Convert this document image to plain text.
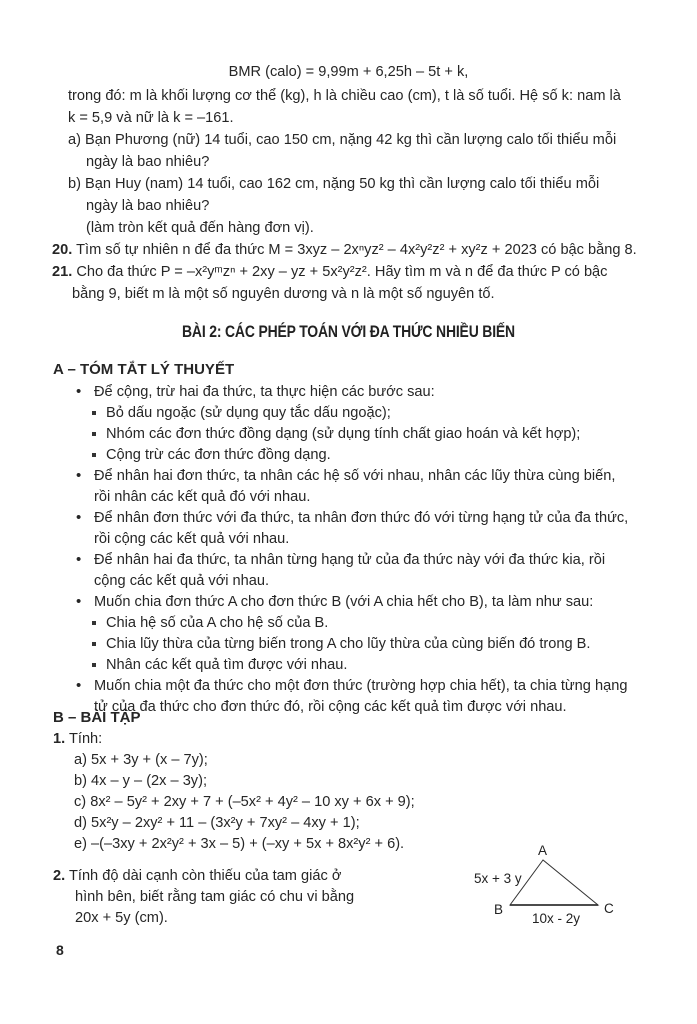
BMR (calo) = 9,99m + 6,25h – 5t + k,
trong đó: m là khối lượng cơ thể (kg), h là chiều cao (cm), t là số tuổi. Hệ số k: nam là
k = 5,9 và nữ là k = –161.
a) Bạn Phương (nữ) 14 tuổi, cao 150 cm, nặng 42 kg thì cần lượng calo tối thiểu mỗi
ngày là bao nhiêu?
b) Bạn Huy (nam) 14 tuổi, cao 162 cm, nặng 50 kg thì cần lượng calo tối thiểu mỗi
ngày là bao nhiêu?
(làm tròn kết quả đến hàng đơn vị).
20. Tìm số tự nhiên n để đa thức M = 3xyz – 2xⁿyz² – 4x²y²z² + xy²z + 2023 có bậc bằng 8.
21. Cho đa thức P = –x²yᵐzⁿ + 2xy – yz + 5x²y²z². Hãy tìm m và n để đa thức P có bậc
bằng 9, biết m là một số nguyên dương và n là một số nguyên tố.
BÀI 2: CÁC PHÉP TOÁN VỚI ĐA THỨC NHIỀU BIẾN
A – TÓM TẮT LÝ THUYẾT
• Để cộng, trừ hai đa thức, ta thực hiện các bước sau:
Bỏ dấu ngoặc (sử dụng quy tắc dấu ngoặc);
Nhóm các đơn thức đồng dạng (sử dụng tính chất giao hoán và kết hợp);
Cộng trừ các đơn thức đồng dạng.
• Để nhân hai đơn thức, ta nhân các hệ số với nhau, nhân các lũy thừa cùng biến,
rồi nhân các kết quả đó với nhau.
• Để nhân đơn thức với đa thức, ta nhân đơn thức đó với từng hạng tử của đa thức,
rồi cộng các kết quả với nhau.
• Để nhân hai đa thức, ta nhân từng hạng tử của đa thức này với đa thức kia, rồi
cộng các kết quả với nhau.
• Muốn chia đơn thức A cho đơn thức B (với A chia hết cho B), ta làm như sau:
Chia hệ số của A cho hệ số của B.
Chia lũy thừa của từng biến trong A cho lũy thừa của cùng biến đó trong B.
Nhân các kết quả tìm được với nhau.
• Muốn chia một đa thức cho một đơn thức (trường hợp chia hết), ta chia từng hạng
tử của đa thức cho đơn thức đó, rồi cộng các kết quả tìm được với nhau.
B – BÀI TẬP
1. Tính:
a) 5x + 3y + (x – 7y);
b) 4x – y – (2x – 3y);
c) 8x² – 5y² + 2xy + 7 + (–5x² + 4y² – 10 xy + 6x + 9);
d) 5x²y – 2xy² + 11 – (3x²y + 7xy² – 4xy + 1);
e) –(–3xy + 2x²y² + 3x – 5) + (–xy + 5x + 8x²y² + 6).
2. Tính độ dài cạnh còn thiếu của tam giác ở
hình bên, biết rằng tam giác có chu vi bằng
20x + 5y (cm).
A
B	C
5x + 3 y
10x - 2y
8
